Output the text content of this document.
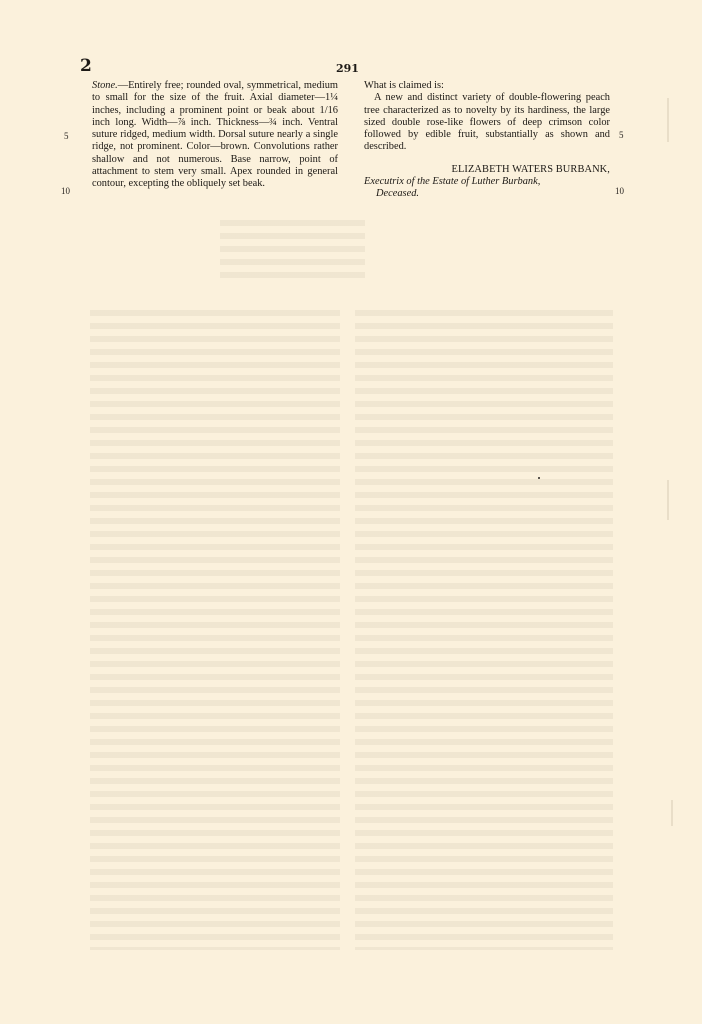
2	291
5
10
5
10

Stone.—Entirely free; rounded oval, symmetrical, medium to small for the size of the fruit. Axial diameter—1¼ inches, including a prominent point or beak about 1/16 inch long. Width—⅞ inch. Thickness—¾ inch. Ventral suture ridged, medium width. Dorsal suture nearly a single ridge, not prominent. Color—brown. Convolutions rather shallow and not numerous. Base narrow, point of attachment to stem very small. Apex rounded in general contour, excepting the obliquely set beak.

What is claimed is:

A new and distinct variety of double-flowering peach tree characterized as to novelty by its hardiness, the large sized double rose-like flowers of deep crimson color followed by edible fruit, substantially as shown and described.

ELIZABETH WATERS BURBANK,

Executrix of the Estate of Luther Burbank,
Deceased.
